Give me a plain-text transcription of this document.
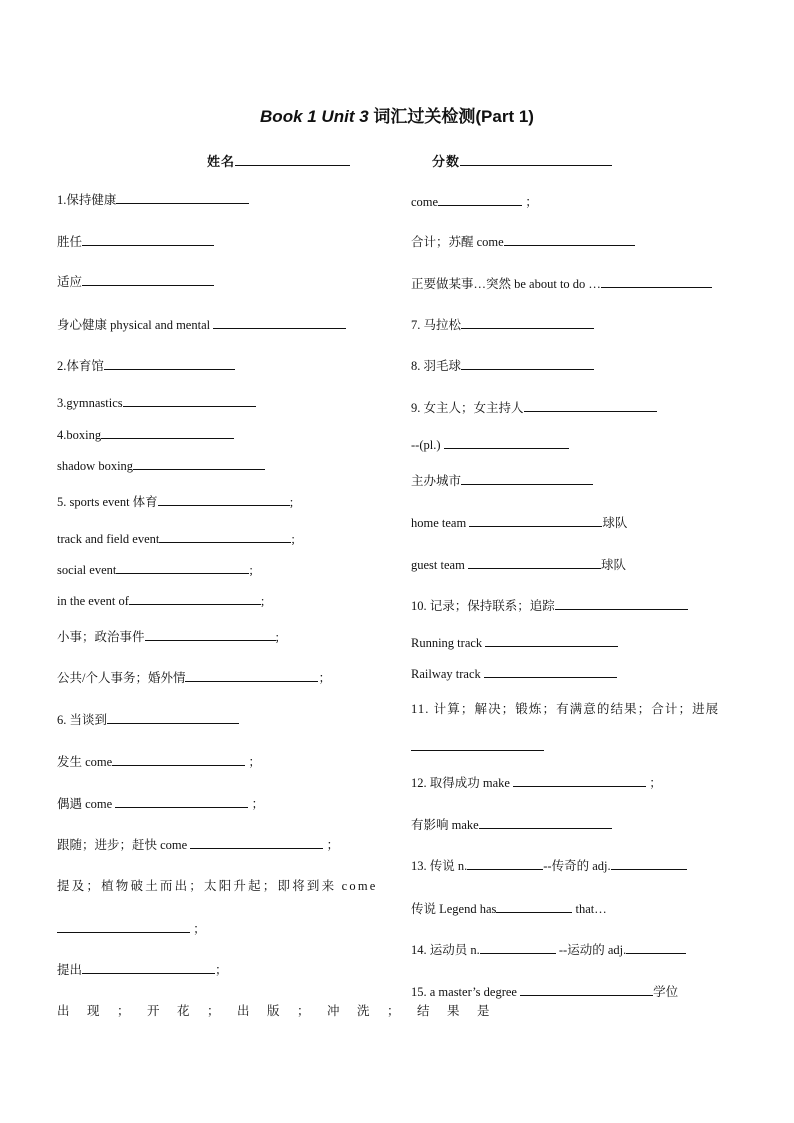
Book 1 Unit 3 词汇过关检测(Part 1)
姓名	分数
1.保持健康
胜任
适应
身心健康 physical and mental
2.体育馆
3.gymnastics
4.boxing
shadow boxing
5. sports event 体育	;
track and field event	;
social event	;
in the event of	;
小事；政治事件	;
公共/个人事务；婚外情	；
6. 当谈到
发生 come	；
偶遇 come	；
跟随；进步；赶快 come	；
提及；植物破土而出；太阳升起；即将到来 come
；
提出	；
出现；开花；出版；冲洗；结果是
come	；
合计；苏醒 come
正要做某事…突然 be about to do …
7. 马拉松
8. 羽毛球
9. 女主人；女主持人
--(pl.)
主办城市
home team	球队
guest team	球队
10. 记录；保持联系；追踪
Running track
Railway track
11. 计算；解决；锻炼；有满意的结果；合计；进展
12. 取得成功 make	；
有影响 make
13. 传说 n.	--传奇的 adj.
传说 Legend has	that…
14. 运动员 n.	--运动的 adj.
15. a master’s degree	学位
